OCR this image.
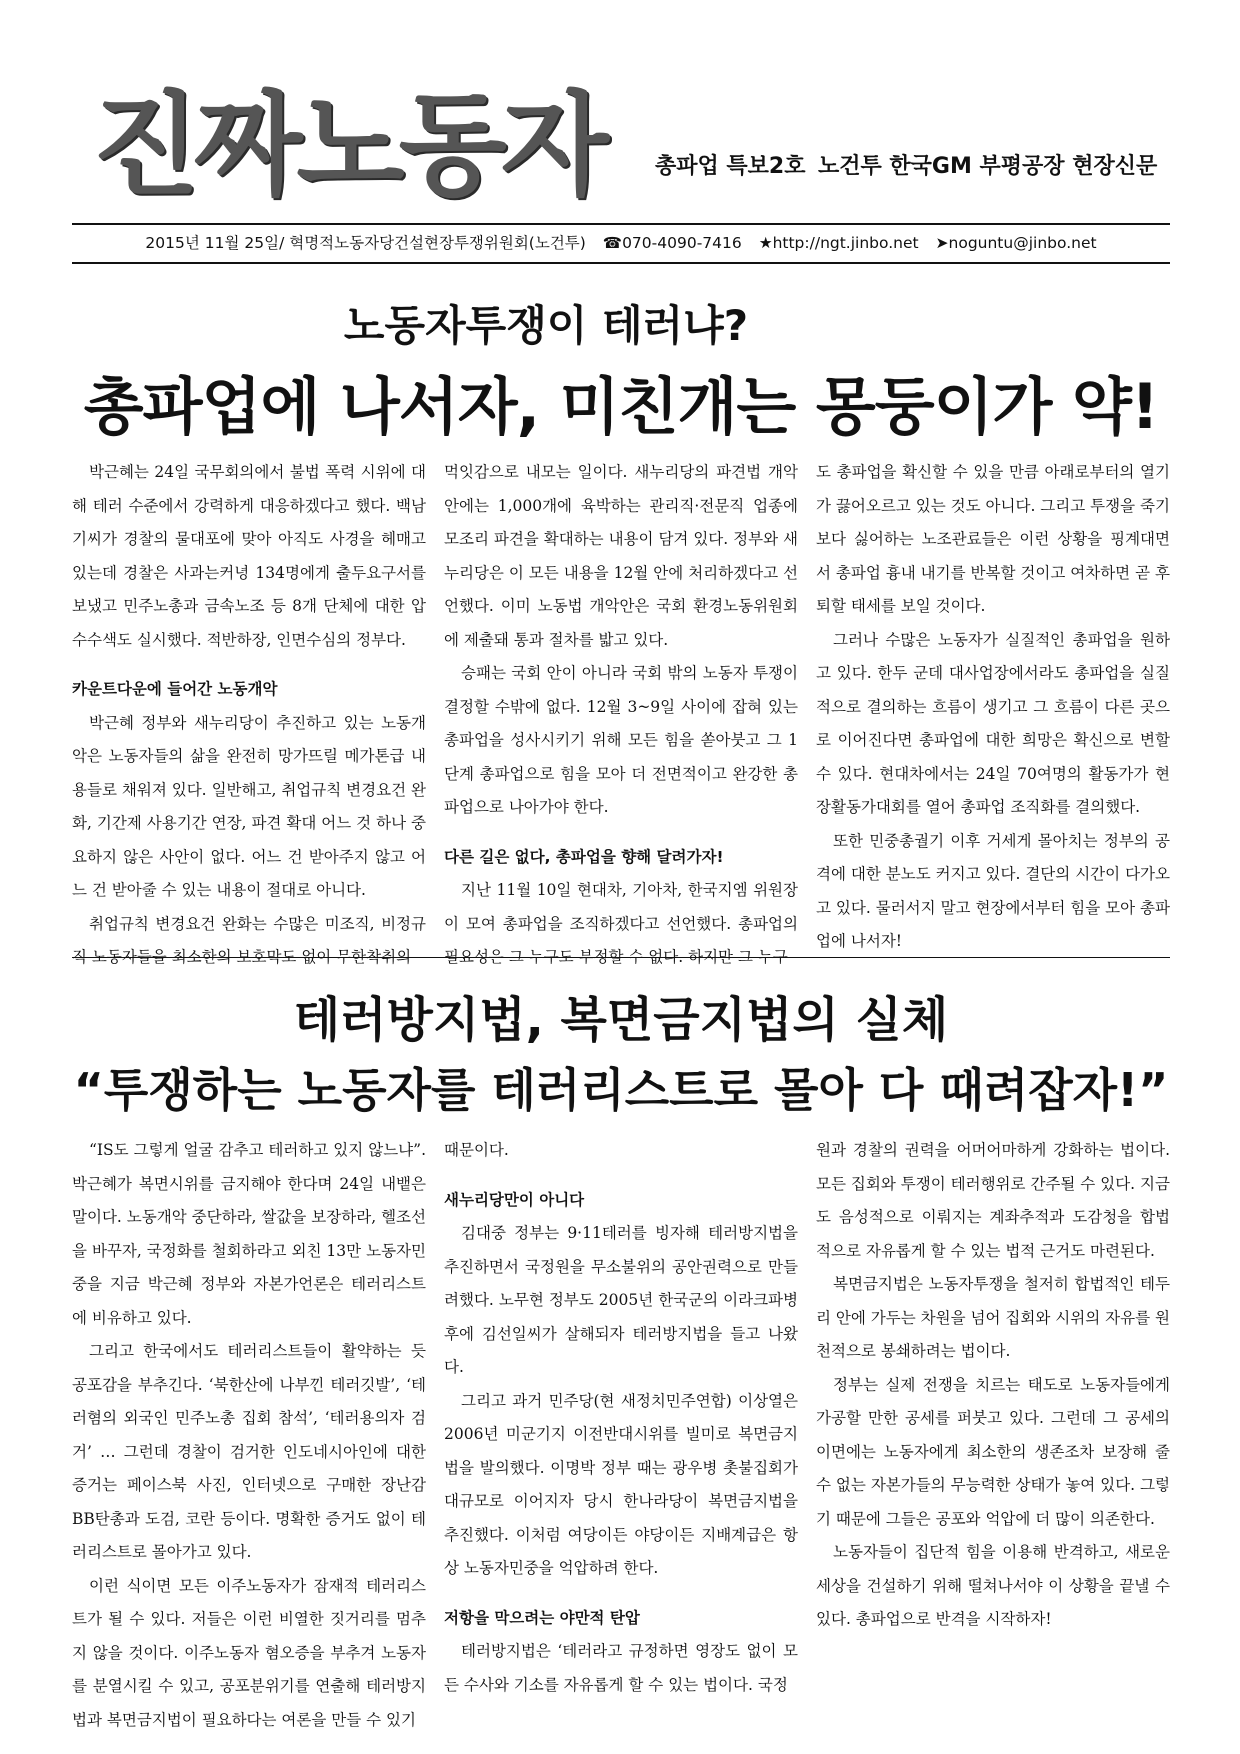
진짜노동자 총파업 특보2호 노건투 한국GM 부평공장 현장신문
2015년 11월 25일/ 혁명적노동자당건설현장투쟁위원회(노건투) ☎070-4090-7416 ★http://ngt.jinbo.net ➤noguntu@jinbo.net
노동자투쟁이 테러냐?
총파업에 나서자, 미친개는 몽둥이가 약!

박근혜는 24일 국무회의에서 불법 폭력 시위에 대해 테러 수준에서 강력하게 대응하겠다고 했다. 백남기씨가 경찰의 물대포에 맞아 아직도 사경을 헤매고 있는데 경찰은 사과는커녕 134명에게 출두요구서를 보냈고 민주노총과 금속노조 등 8개 단체에 대한 압수수색도 실시했다. 적반하장, 인면수심의 정부다.

카운트다운에 들어간 노동개악

박근혜 정부와 새누리당이 추진하고 있는 노동개악은 노동자들의 삶을 완전히 망가뜨릴 메가톤급 내용들로 채워져 있다. 일반해고, 취업규칙 변경요건 완화, 기간제 사용기간 연장, 파견 확대 어느 것 하나 중요하지 않은 사안이 없다. 어느 건 받아주지 않고 어느 건 받아줄 수 있는 내용이 절대로 아니다.

취업규칙 변경요건 완화는 수많은 미조직, 비정규직 노동자들을 최소한의 보호막도 없이 무한착취의

먹잇감으로 내모는 일이다. 새누리당의 파견법 개악안에는 1,000개에 육박하는 관리직·전문직 업종에 모조리 파견을 확대하는 내용이 담겨 있다. 정부와 새누리당은 이 모든 내용을 12월 안에 처리하겠다고 선언했다. 이미 노동법 개악안은 국회 환경노동위원회에 제출돼 통과 절차를 밟고 있다.

승패는 국회 안이 아니라 국회 밖의 노동자 투쟁이 결정할 수밖에 없다. 12월 3~9일 사이에 잡혀 있는 총파업을 성사시키기 위해 모든 힘을 쏟아붓고 그 1단계 총파업으로 힘을 모아 더 전면적이고 완강한 총파업으로 나아가야 한다.

다른 길은 없다, 총파업을 향해 달려가자!

지난 11월 10일 현대차, 기아차, 한국지엠 위원장이 모여 총파업을 조직하겠다고 선언했다. 총파업의 필요성은 그 누구도 부정할 수 없다. 하지만 그 누구

도 총파업을 확신할 수 있을 만큼 아래로부터의 열기가 끓어오르고 있는 것도 아니다. 그리고 투쟁을 죽기보다 싫어하는 노조관료들은 이런 상황을 핑계대면서 총파업 흉내 내기를 반복할 것이고 여차하면 곧 후퇴할 태세를 보일 것이다.

그러나 수많은 노동자가 실질적인 총파업을 원하고 있다. 한두 군데 대사업장에서라도 총파업을 실질적으로 결의하는 흐름이 생기고 그 흐름이 다른 곳으로 이어진다면 총파업에 대한 희망은 확신으로 변할 수 있다. 현대차에서는 24일 70여명의 활동가가 현장활동가대회를 열어 총파업 조직화를 결의했다.

또한 민중총궐기 이후 거세게 몰아치는 정부의 공격에 대한 분노도 커지고 있다. 결단의 시간이 다가오고 있다. 물러서지 말고 현장에서부터 힘을 모아 총파업에 나서자!

테러방지법, 복면금지법의 실체
“투쟁하는 노동자를 테러리스트로 몰아 다 때려잡자!”

“IS도 그렇게 얼굴 감추고 테러하고 있지 않느냐”. 박근혜가 복면시위를 금지해야 한다며 24일 내뱉은 말이다. 노동개악 중단하라, 쌀값을 보장하라, 헬조선을 바꾸자, 국정화를 철회하라고 외친 13만 노동자민중을 지금 박근혜 정부와 자본가언론은 테러리스트에 비유하고 있다.

그리고 한국에서도 테러리스트들이 활약하는 듯 공포감을 부추긴다. ‘북한산에 나부낀 테러깃발’, ‘테러혐의 외국인 민주노총 집회 참석’, ‘테러용의자 검거’ … 그런데 경찰이 검거한 인도네시아인에 대한 증거는 페이스북 사진, 인터넷으로 구매한 장난감 BB탄총과 도검, 코란 등이다. 명확한 증거도 없이 테러리스트로 몰아가고 있다.

이런 식이면 모든 이주노동자가 잠재적 테러리스트가 될 수 있다. 저들은 이런 비열한 짓거리를 멈추지 않을 것이다. 이주노동자 혐오증을 부추겨 노동자를 분열시킬 수 있고, 공포분위기를 연출해 테러방지법과 복면금지법이 필요하다는 여론을 만들 수 있기

때문이다.

새누리당만이 아니다

김대중 정부는 9·11테러를 빙자해 테러방지법을 추진하면서 국정원을 무소불위의 공안권력으로 만들려했다. 노무현 정부도 2005년 한국군의 이라크파병 후에 김선일씨가 살해되자 테러방지법을 들고 나왔다.

그리고 과거 민주당(현 새정치민주연합) 이상열은 2006년 미군기지 이전반대시위를 빌미로 복면금지법을 발의했다. 이명박 정부 때는 광우병 촛불집회가 대규모로 이어지자 당시 한나라당이 복면금지법을 추진했다. 이처럼 여당이든 야당이든 지배계급은 항상 노동자민중을 억압하려 한다.

저항을 막으려는 야만적 탄압

테러방지법은 ‘테러라고 규정하면 영장도 없이 모든 수사와 기소를 자유롭게 할 수 있는 법이다. 국정

원과 경찰의 권력을 어머어마하게 강화하는 법이다. 모든 집회와 투쟁이 테러행위로 간주될 수 있다. 지금도 음성적으로 이뤄지는 계좌추적과 도감청을 합법적으로 자유롭게 할 수 있는 법적 근거도 마련된다.

복면금지법은 노동자투쟁을 철저히 합법적인 테두리 안에 가두는 차원을 넘어 집회와 시위의 자유를 원천적으로 봉쇄하려는 법이다.

정부는 실제 전쟁을 치르는 태도로 노동자들에게 가공할 만한 공세를 퍼붓고 있다. 그런데 그 공세의 이면에는 노동자에게 최소한의 생존조차 보장해 줄 수 없는 자본가들의 무능력한 상태가 놓여 있다. 그렇기 때문에 그들은 공포와 억압에 더 많이 의존한다.

노동자들이 집단적 힘을 이용해 반격하고, 새로운 세상을 건설하기 위해 떨쳐나서야 이 상황을 끝낼 수 있다. 총파업으로 반격을 시작하자!
